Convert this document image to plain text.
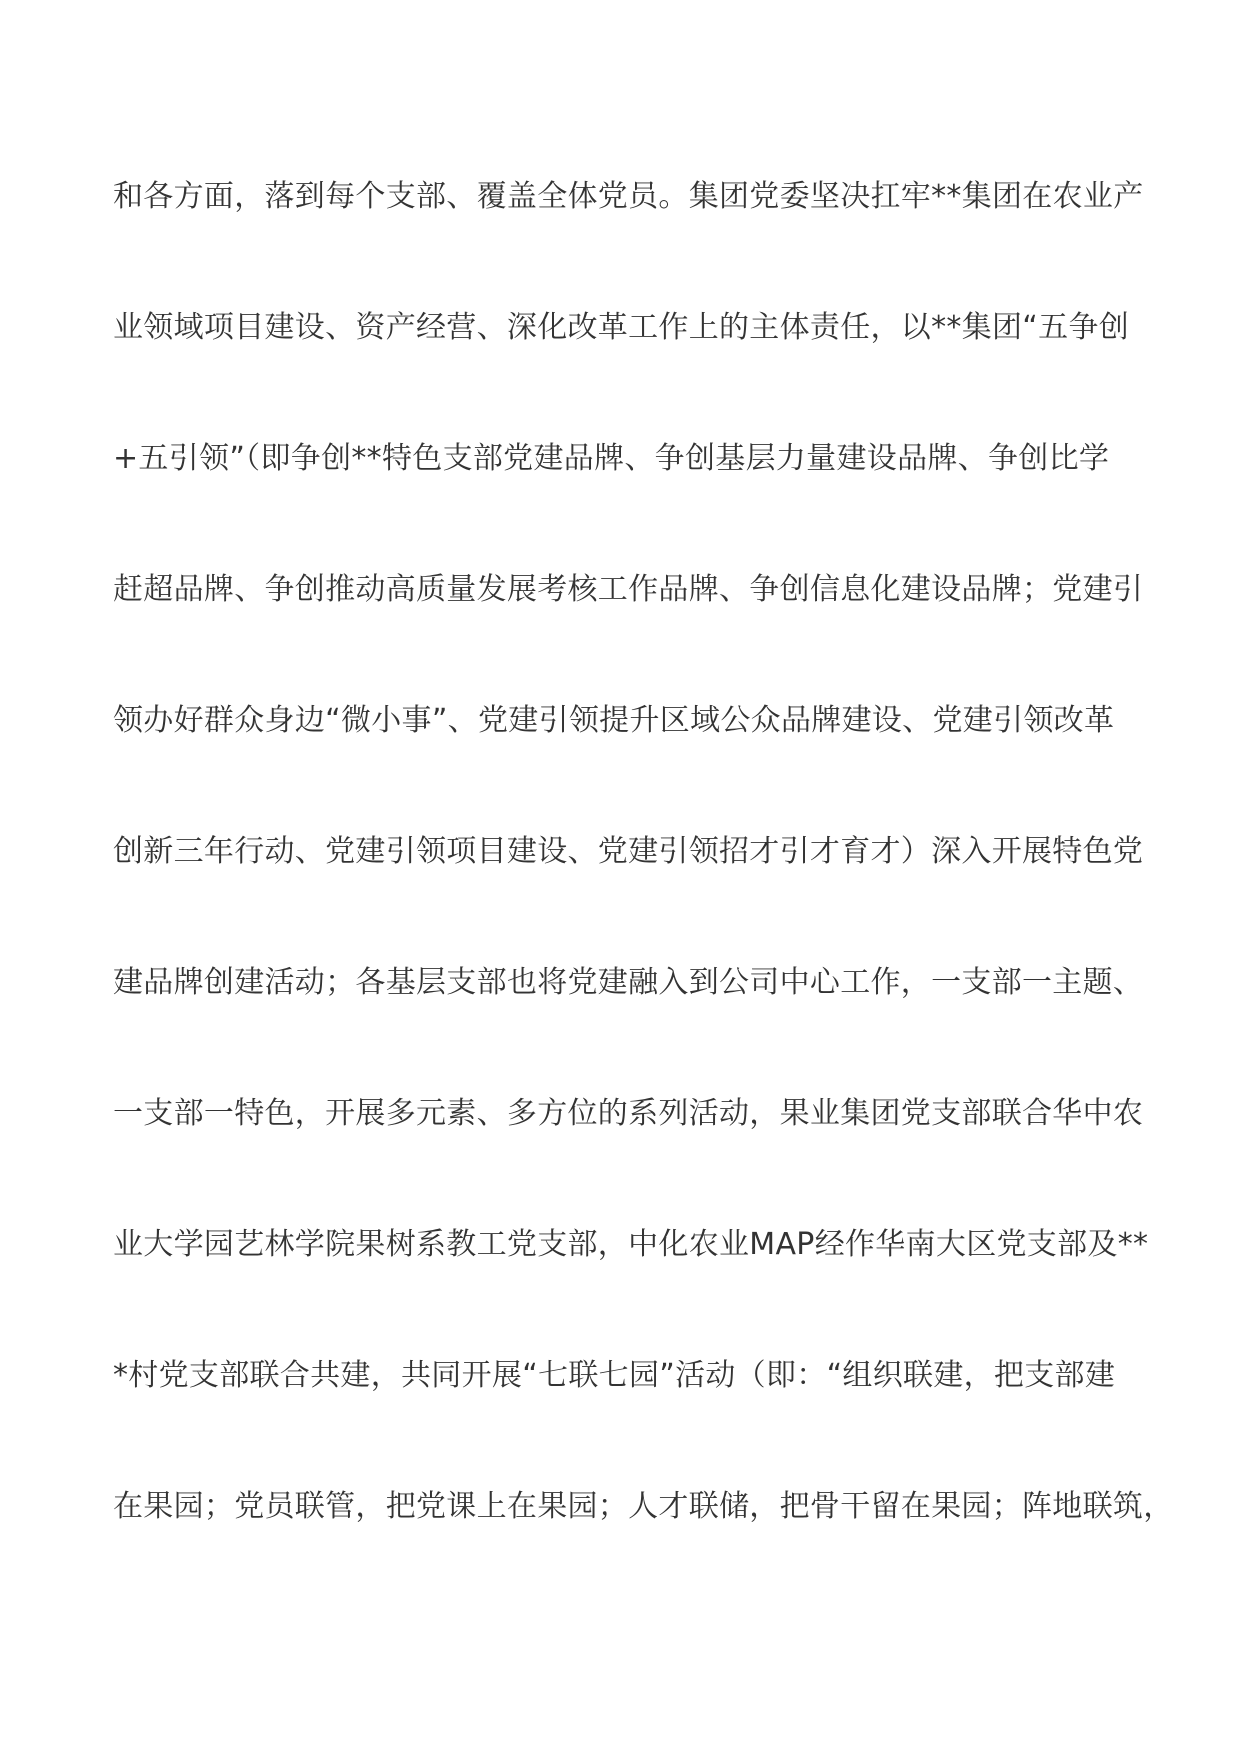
和各方面，落到每个支部、覆盖全体党员。集团党委坚决扛牢**集团在农业产
业领域项目建设、资产经营、深化改革工作上的主体责任，以**集团“五争创
+五引领”（即争创**特色支部党建品牌、争创基层力量建设品牌、争创比学
赶超品牌、争创推动高质量发展考核工作品牌、争创信息化建设品牌；党建引
领办好群众身边“微小事”、党建引领提升区域公众品牌建设、党建引领改革
创新三年行动、党建引领项目建设、党建引领招才引才育才）深入开展特色党
建品牌创建活动；各基层支部也将党建融入到公司中心工作，一支部一主题、
一支部一特色，开展多元素、多方位的系列活动，果业集团党支部联合华中农
业大学园艺林学院果树系教工党支部，中化农业MAP经作华南大区党支部及**
*村党支部联合共建，共同开展“七联七园”活动（即：“组织联建，把支部建
在果园；党员联管，把党课上在果园；人才联储，把骨干留在果园；阵地联筑，
